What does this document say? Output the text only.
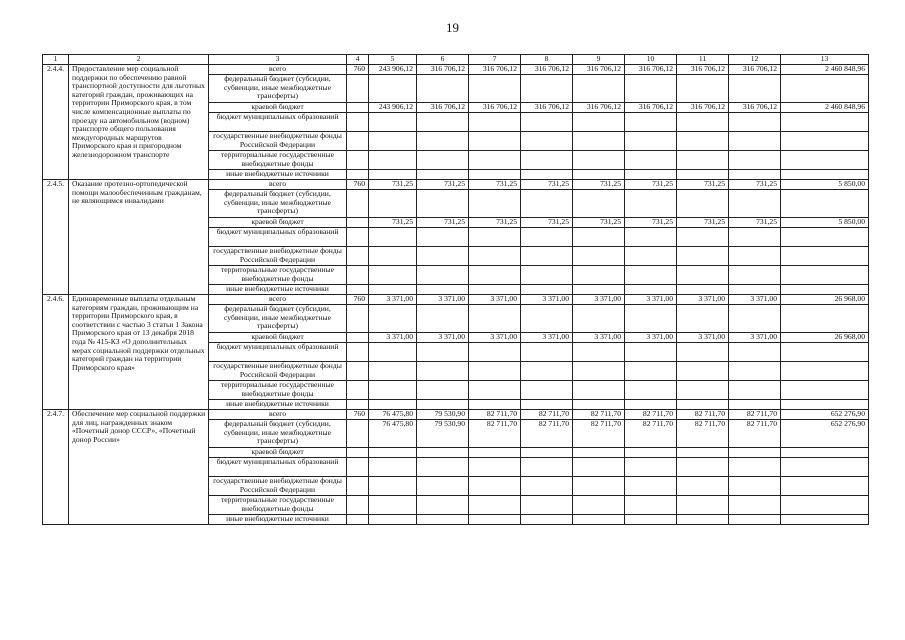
19
1	2	3	4	5	6	7	8	9	10	11	12	13
2.4.4.	Предоставление мер социальной поддержки по обеспечению равной транспортной доступности для льготных категорий граждан, проживающих на территории Приморского края, в том числе компенсационные выплаты по проезду на автомобильном (водном) транспорте общего пользования междугородных маршрутов Приморского края и пригородном железнодорожном транспорте	всего	760	243 906,12	316 706,12	316 706,12	316 706,12	316 706,12	316 706,12	316 706,12	316 706,12	2 460 848,96
		федеральный бюджет (субсидии, субвенции, иные межбюджетные трансферты)										
		краевой бюджет		243 906,12	316 706,12	316 706,12	316 706,12	316 706,12	316 706,12	316 706,12	316 706,12	2 460 848,96
		бюджет муниципальных образований										
		государственные внебюджетные фонды Российской Федерации										
		территориальные государственные внебюджетные фонды										
		иные внебюджетные источники										
2.4.5.	Оказание протезно-ортопедической помощи малообеспеченным гражданам, не являющимся инвалидами	всего	760	731,25	731,25	731,25	731,25	731,25	731,25	731,25	731,25	5 850,00
		федеральный бюджет (субсидии, субвенции, иные межбюджетные трансферты)										
		краевой бюджет		731,25	731,25	731,25	731,25	731,25	731,25	731,25	731,25	5 850,00
		бюджет муниципальных образований										
		государственные внебюджетные фонды Российской Федерации										
		территориальные государственные внебюджетные фонды										
		иные внебюджетные источники										
2.4.6.	Единовременные выплаты отдельным категориям граждан, проживающим на территории Приморского края, в соответствии с частью 3 статьи 1 Закона Приморского края от 13 декабря 2018 года № 415-КЗ «О дополнительных мерах социальной поддержки отдельных категорий граждан на территории Приморского края»	всего	760	3 371,00	3 371,00	3 371,00	3 371,00	3 371,00	3 371,00	3 371,00	3 371,00	26 968,00
		федеральный бюджет (субсидии, субвенции, иные межбюджетные трансферты)										
		краевой бюджет		3 371,00	3 371,00	3 371,00	3 371,00	3 371,00	3 371,00	3 371,00	3 371,00	26 968,00
		бюджет муниципальных образований										
		государственные внебюджетные фонды Российской Федерации										
		территориальные государственные внебюджетные фонды										
		иные внебюджетные источники										
2.4.7.	Обеспечение мер социальной поддержки для лиц, награжденных знаком «Почетный донор СССР», «Почетный донор России»	всего	760	76 475,80	79 530,90	82 711,70	82 711,70	82 711,70	82 711,70	82 711,70	82 711,70	652 276,90
		федеральный бюджет (субсидии, субвенции, иные межбюджетные трансферты)		76 475,80	79 530,90	82 711,70	82 711,70	82 711,70	82 711,70	82 711,70	82 711,70	652 276,90
		краевой бюджет										
		бюджет муниципальных образований										
		государственные внебюджетные фонды Российской Федерации										
		территориальные государственные внебюджетные фонды										
		иные внебюджетные источники										
